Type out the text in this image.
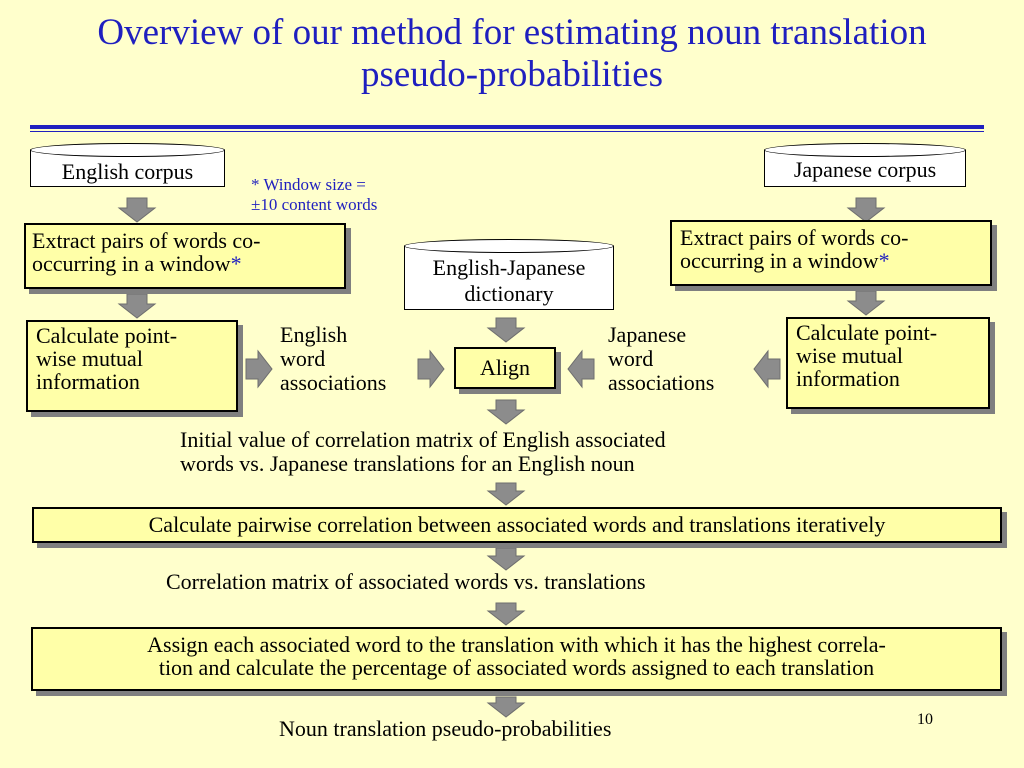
Overview of our method for estimating noun translation pseudo-probabilities
English corpus	Japanese corpus
* Window size =
±10 content words
Extract pairs of words co-
occurring in a window*
Extract pairs of words co-
occurring in a window*
English-Japanese
dictionary
Calculate point-
wise mutual
information
Calculate point-
wise mutual
information
English
word
associations
Japanese
word
associations
Align
Initial value of correlation matrix of English associated
words vs. Japanese translations for an English noun
Calculate pairwise correlation between associated words and translations iteratively
Correlation matrix of associated words vs. translations
Assign each associated word to the translation with which it has the highest correla-
tion and calculate the percentage of associated words assigned to each translation
Noun translation pseudo-probabilities	10
